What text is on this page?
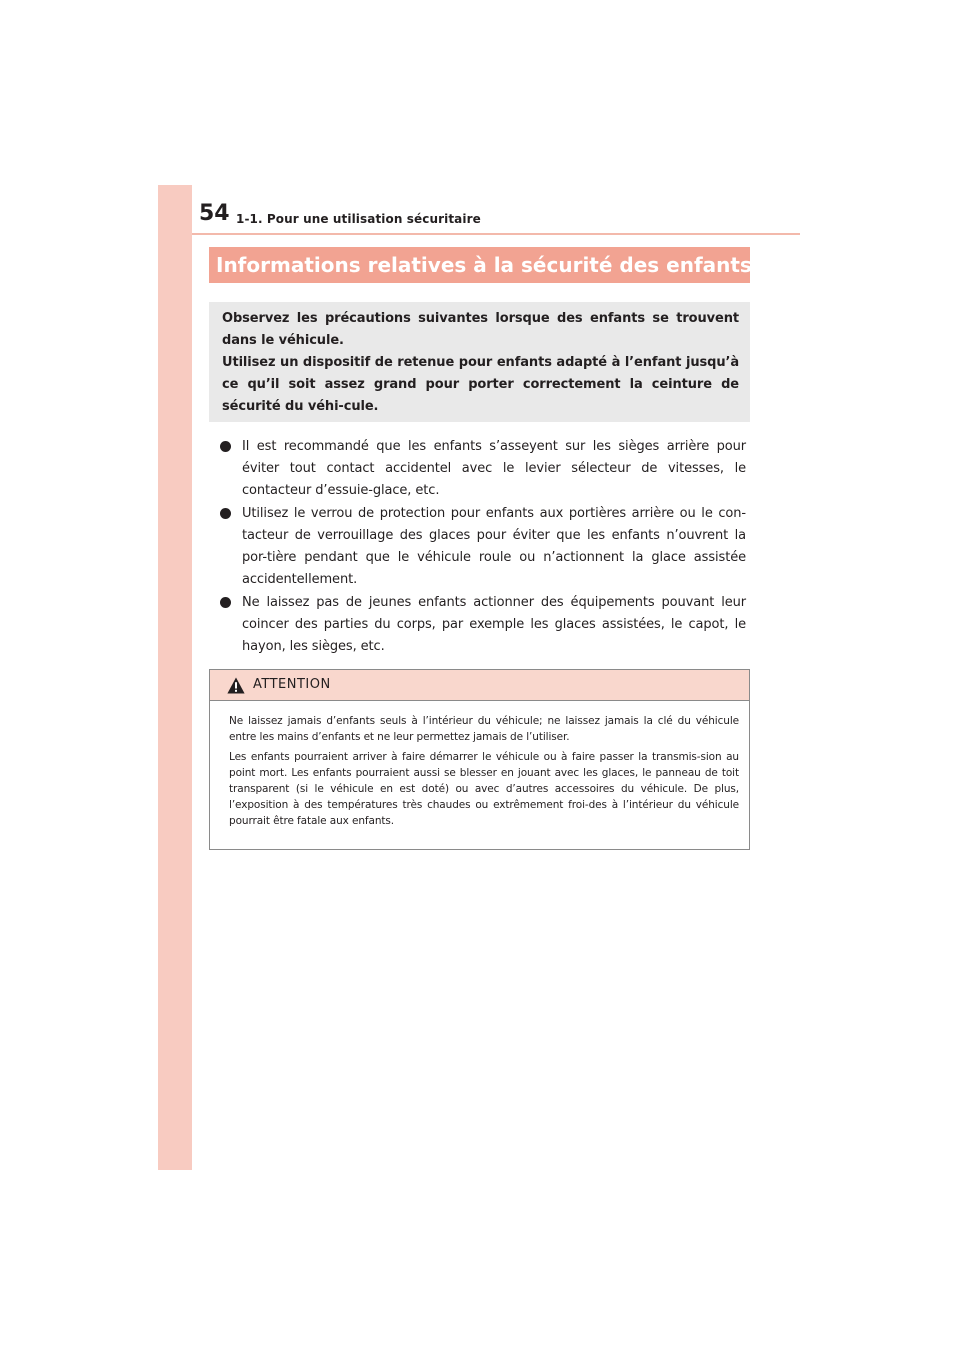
54 1-1. Pour une utilisation sécuritaire
Informations relatives à la sécurité des enfants

Observez les précautions suivantes lorsque des enfants se trouvent dans le véhicule.

Utilisez un dispositif de retenue pour enfants adapté à l’enfant jusqu’à ce qu’il soit assez grand pour porter correctement la ceinture de sécurité du véhi-cule.

Il est recommandé que les enfants s’asseyent sur les sièges arrière pour éviter tout contact accidentel avec le levier sélecteur de vitesses, le contacteur d’essuie-glace, etc.
Utilisez le verrou de protection pour enfants aux portières arrière ou le con-tacteur de verrouillage des glaces pour éviter que les enfants n’ouvrent la por-tière pendant que le véhicule roule ou n’actionnent la glace assistée accidentellement.
Ne laissez pas de jeunes enfants actionner des équipements pouvant leur coincer des parties du corps, par exemple les glaces assistées, le capot, le hayon, les sièges, etc.
ATTENTION

Ne laissez jamais d’enfants seuls à l’intérieur du véhicule; ne laissez jamais la clé du véhicule entre les mains d’enfants et ne leur permettez jamais de l’utiliser.

Les enfants pourraient arriver à faire démarrer le véhicule ou à faire passer la transmis-sion au point mort. Les enfants pourraient aussi se blesser en jouant avec les glaces, le panneau de toit transparent (si le véhicule en est doté) ou avec d’autres accessoires du véhicule. De plus, l’exposition à des températures très chaudes ou extrêmement froi-des à l’intérieur du véhicule pourrait être fatale aux enfants.
